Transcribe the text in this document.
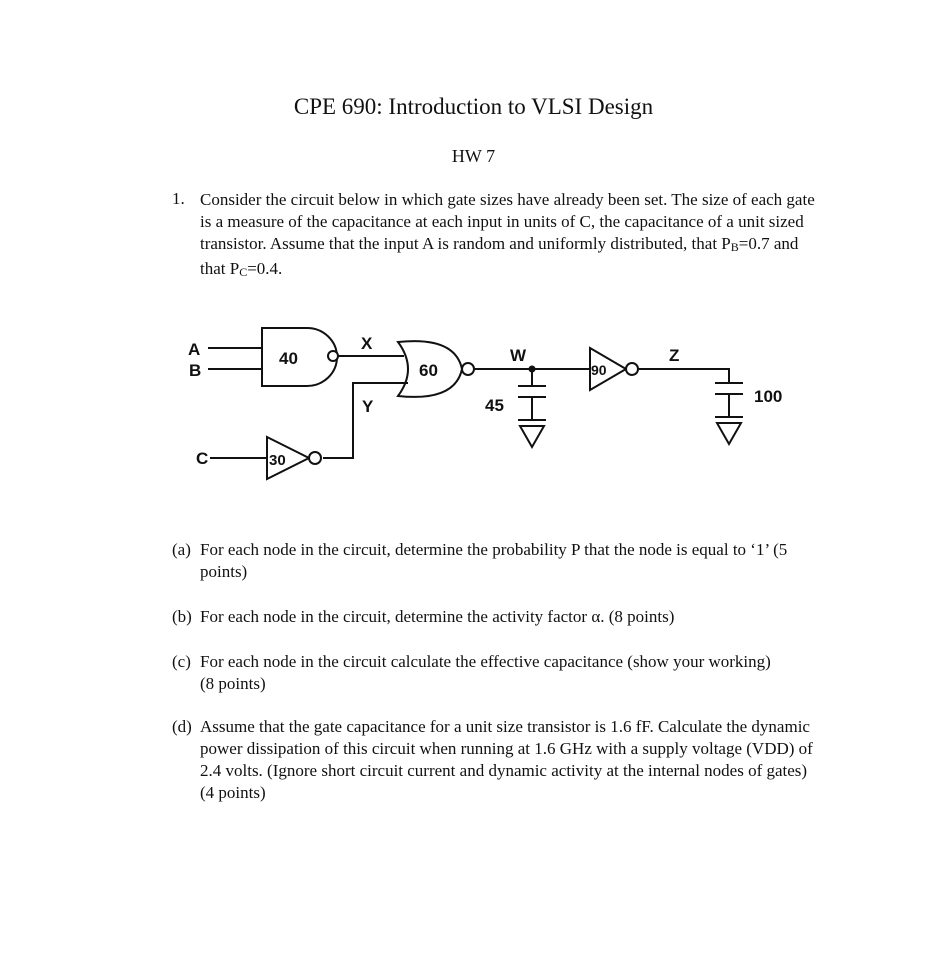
CPE 690: Introduction to VLSI Design
HW 7
1. Consider the circuit below in which gate sizes have already been set. The size of each gate is a measure of the capacitance at each input in units of C, the capacitance of a unit sized transistor. Assume that the input A is random and uniformly distributed, that $P_B=0.7$ and that $P_C=0.4$.

A
B
40
X
60
Y
C	30
W
45
90
Z
100
(a) For each node in the circuit, determine the probability P that the node is equal to ‘1’ (5 points)
(b) For each node in the circuit, determine the activity factor α. (8 points)
(c) For each node in the circuit calculate the effective capacitance (show your working) (8 points)
(d) Assume that the gate capacitance for a unit size transistor is 1.6 fF. Calculate the dynamic power dissipation of this circuit when running at 1.6 GHz with a supply voltage (VDD) of 2.4 volts. (Ignore short circuit current and dynamic activity at the internal nodes of gates) (4 points)
